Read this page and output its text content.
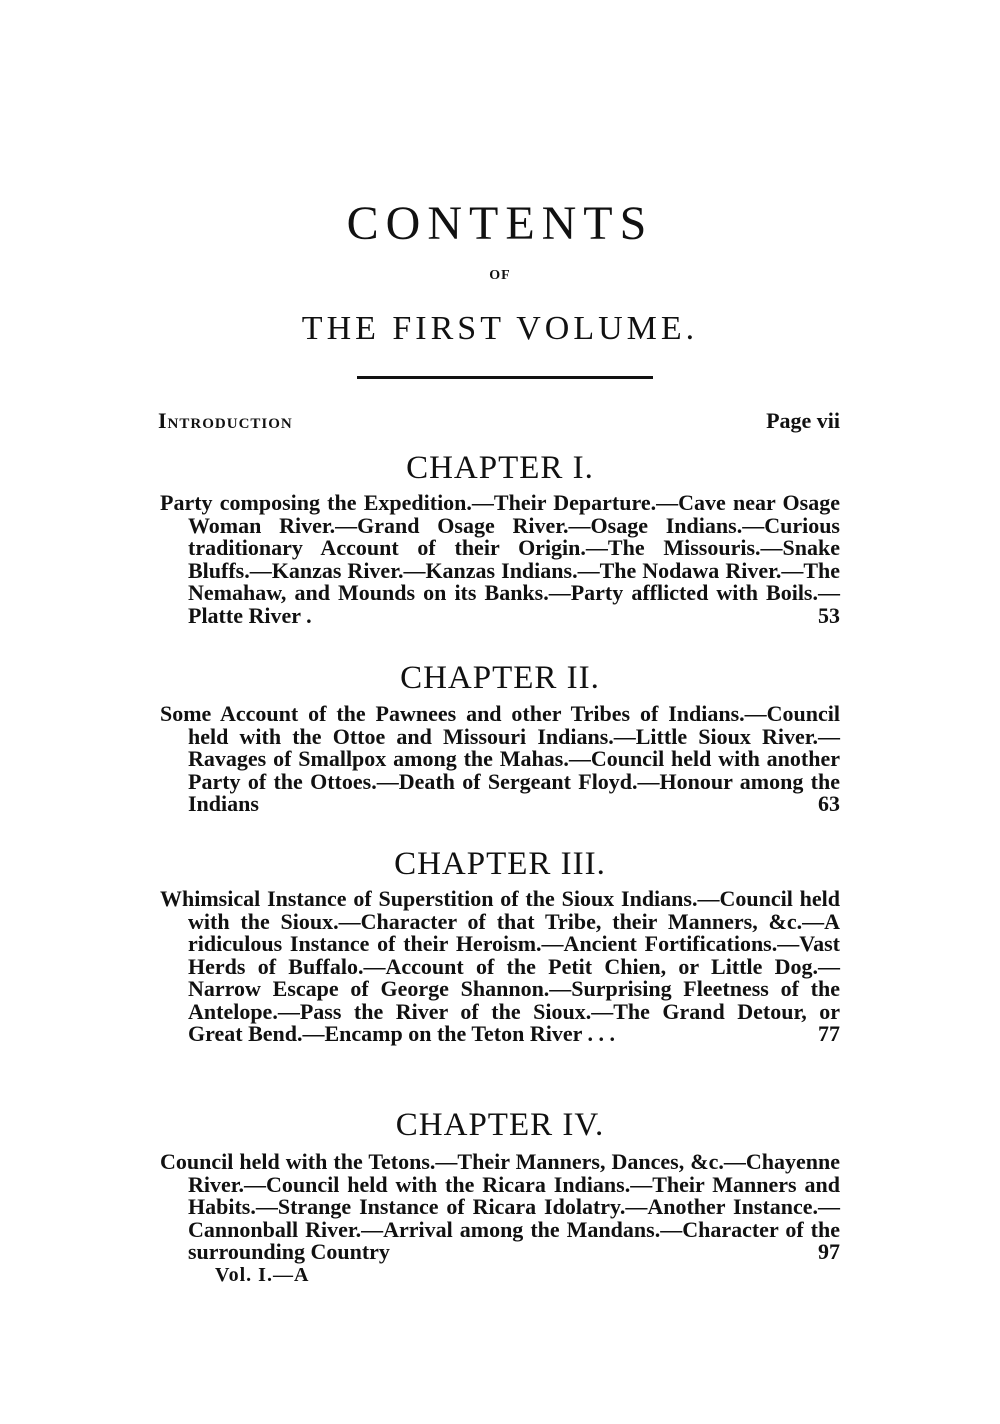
CONTENTS
OF
THE FIRST VOLUME.
Introduction	Page vii
CHAPTER I.
Party composing the Expedition.—Their Departure.—Cave near Osage Woman River.—Grand Osage River.—Osage Indians.—Curious traditionary Account of their Origin.—The Missouris.—Snake Bluffs.—Kanzas River.—Kanzas Indians.—The Nodawa River.—The Nemahaw, and Mounds on its Banks.—Party afflicted with Boils.—Platte River .	53
CHAPTER II.
Some Account of the Pawnees and other Tribes of Indians.—Council held with the Ottoe and Missouri Indians.—Little Sioux River.—Ravages of Smallpox among the Mahas.—Council held with another Party of the Ottoes.—Death of Sergeant Floyd.—Honour among the Indians	63
CHAPTER III.
Whimsical Instance of Superstition of the Sioux Indians.—Council held with the Sioux.—Character of that Tribe, their Manners, &c.—A ridiculous Instance of their Heroism.—Ancient Fortifications.—Vast Herds of Buffalo.—Account of the Petit Chien, or Little Dog.—Narrow Escape of George Shannon.—Surprising Fleetness of the Antelope.—Pass the River of the Sioux.—The Grand Detour, or Great Bend.—Encamp on the Teton River . . .	77
CHAPTER IV.
Council held with the Tetons.—Their Manners, Dances, &c.—Chayenne River.—Council held with the Ricara Indians.—Their Manners and Habits.—Strange Instance of Ricara Idolatry.—Another Instance.—Cannonball River.—Arrival among the Mandans.—Character of the surrounding Country	97
Vol. I.—A
